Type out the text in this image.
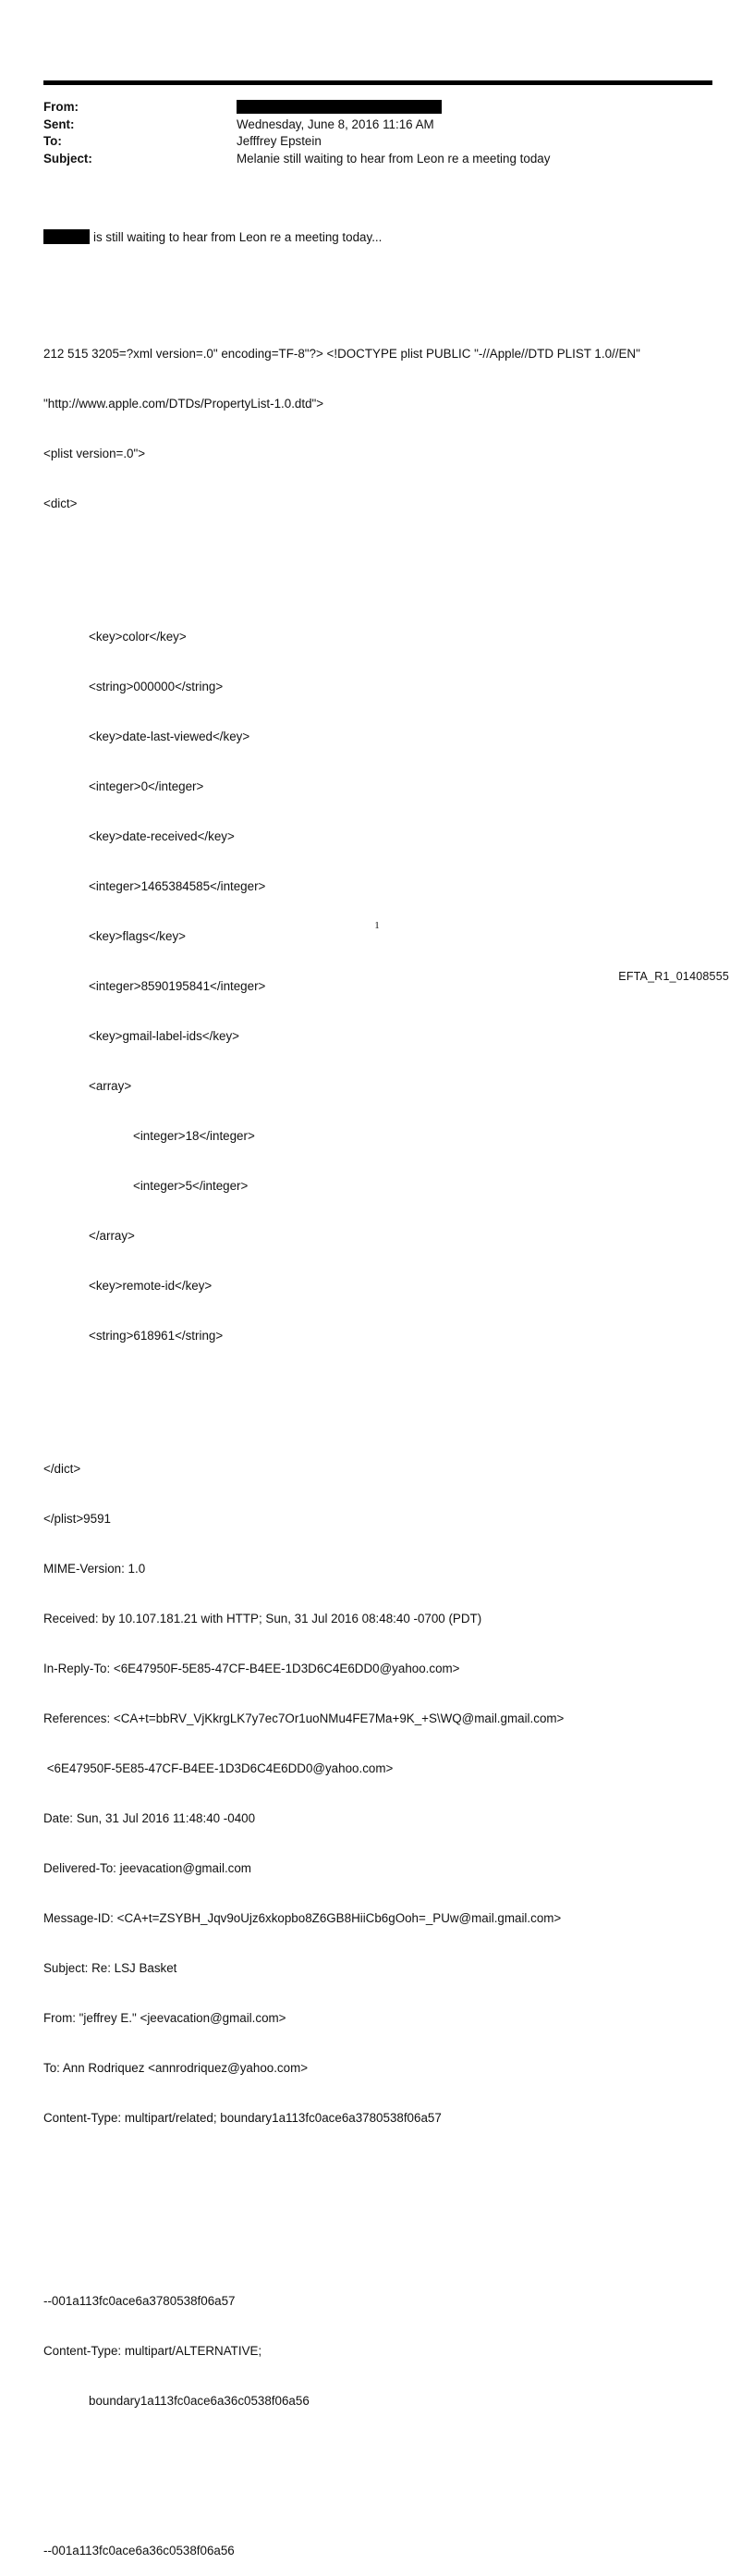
From:
Sent:	Wednesday, June 8, 2016 11:16 AM
To:	Jefffrey Epstein
Subject:	Melanie still waiting to hear from Leon re a meeting today

is still waiting to hear from Leon re a meeting today...

212 515 3205=?xml version=.0" encoding=TF-8"?> <!DOCTYPE plist PUBLIC "-//Apple//DTD PLIST 1.0//EN"

"http://www.apple.com/DTDs/PropertyList-1.0.dtd">

<plist version=.0">

<dict>

<key>color</key>

<string>000000</string>

<key>date-last-viewed</key>

<integer>0</integer>

<key>date-received</key>

<integer>1465384585</integer>

<key>flags</key>

<integer>8590195841</integer>

<key>gmail-label-ids</key>

<array>

<integer>18</integer>

<integer>5</integer>

</array>

<key>remote-id</key>

<string>618961</string>

</dict>

</plist>9591

MIME-Version: 1.0

Received: by 10.107.181.21 with HTTP; Sun, 31 Jul 2016 08:48:40 -0700 (PDT)

In-Reply-To: <6E47950F-5E85-47CF-B4EE-1D3D6C4E6DD0@yahoo.com>

References: <CA+t=bbRV_VjKkrgLK7y7ec7Or1uoNMu4FE7Ma+9K_+S\WQ@mail.gmail.com>

<6E47950F-5E85-47CF-B4EE-1D3D6C4E6DD0@yahoo.com>

Date: Sun, 31 Jul 2016 11:48:40 -0400

Delivered-To: jeevacation@gmail.com

Message-ID: <CA+t=ZSYBH_Jqv9oUjz6xkopbo8Z6GB8HiiCb6gOoh=_PUw@mail.gmail.com>

Subject: Re: LSJ Basket

From: "jeffrey E." <jeevacation@gmail.com>

To: Ann Rodriquez <annrodriquez@yahoo.com>

Content-Type: multipart/related; boundary1a113fc0ace6a3780538f06a57

--001a113fc0ace6a3780538f06a57

Content-Type: multipart/ALTERNATIVE;

boundary1a113fc0ace6a36c0538f06a56

--001a113fc0ace6a36c0538f06a56

1
EFTA_R1_01408555
